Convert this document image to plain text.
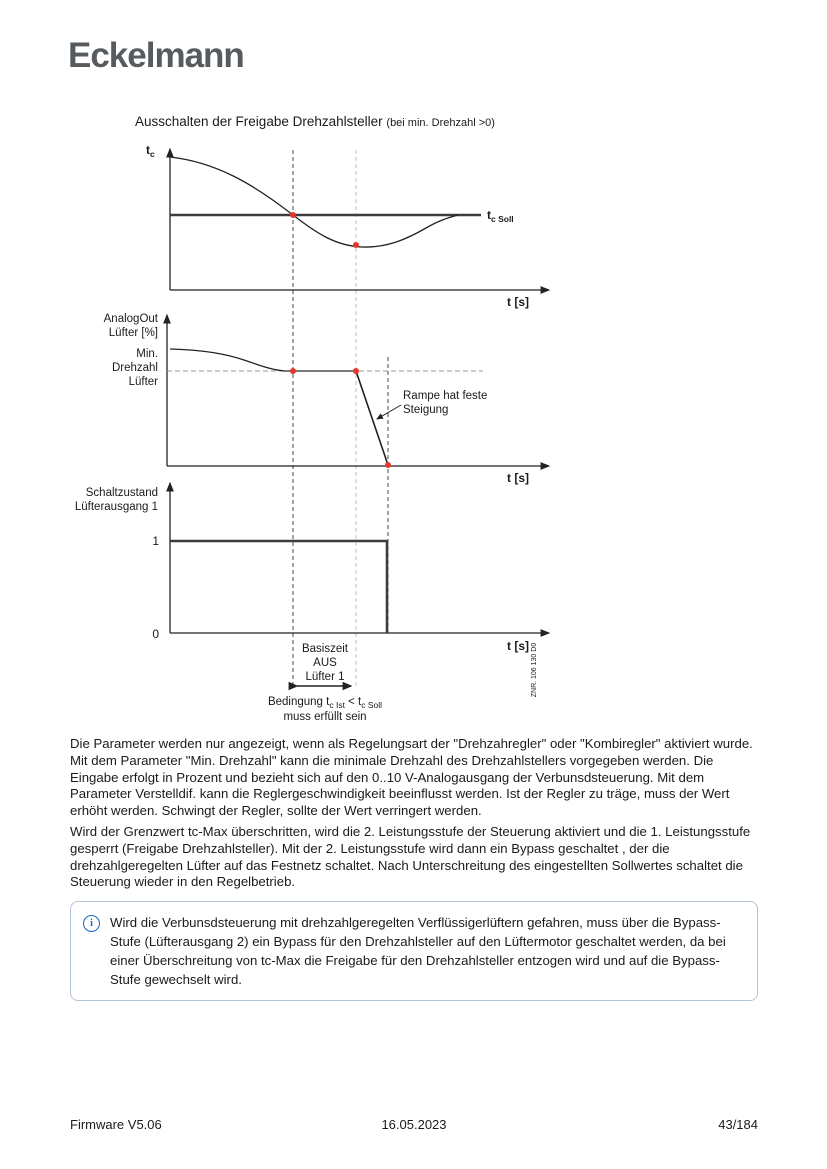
Eckelmann
Ausschalten der Freigabe Drehzahlsteller (bei min. Drehzahl >0)
$t_c$
$t_{c Soll}$
t [s]
AnalogOut
Lüfter [%]
Min.
Drehzahl
Lüfter
Rampe hat feste
Steigung
t [s]
Schaltzustand
Lüfterausgang 1
1
0
t [s]
Basiszeit
AUS
Lüfter 1
Bedingung $t_{c Ist} < t_{c Soll}$
muss erfüllt sein
ZNR. 106 130 D0

Die Parameter werden nur angezeigt, wenn als Regelungsart der "Drehzahregler" oder "Kombiregler" aktiviert wurde. Mit dem Parameter "Min. Drehzahl" kann die minimale Drehzahl des Drehzahlstellers vorgegeben werden. Die Eingabe erfolgt in Prozent und bezieht sich auf den 0..10 V-Analogausgang der Verbunsdsteuerung. Mit dem Parameter Verstelldif. kann die Reglergeschwindigkeit beeinflusst werden. Ist der Regler zu träge, muss der Wert erhöht werden. Schwingt der Regler, sollte der Wert verringert werden.

Wird der Grenzwert tc-Max überschritten, wird die 2. Leistungsstufe der Steuerung aktiviert und die 1. Leistungsstufe gesperrt (Freigabe Drehzahlsteller). Mit der 2. Leistungsstufe wird dann ein Bypass geschaltet , der die drehzahlgeregelten Lüfter auf das Festnetz schaltet. Nach Unterschreitung des eingestellten Sollwertes schaltet die Steuerung wieder in den Regelbetrieb.

i	Wird die Verbunsdsteuerung mit drehzahlgeregelten Verflüssigerlüftern gefahren, muss über die Bypass-Stufe (Lüfterausgang 2) ein Bypass für den Drehzahlsteller auf den Lüftermotor geschaltet werden, da bei einer Überschreitung von tc-Max die Freigabe für den Drehzahlsteller entzogen wird und auf die Bypass-Stufe gewechselt wird.
16.05.2023
Firmware V5.06	43/184
